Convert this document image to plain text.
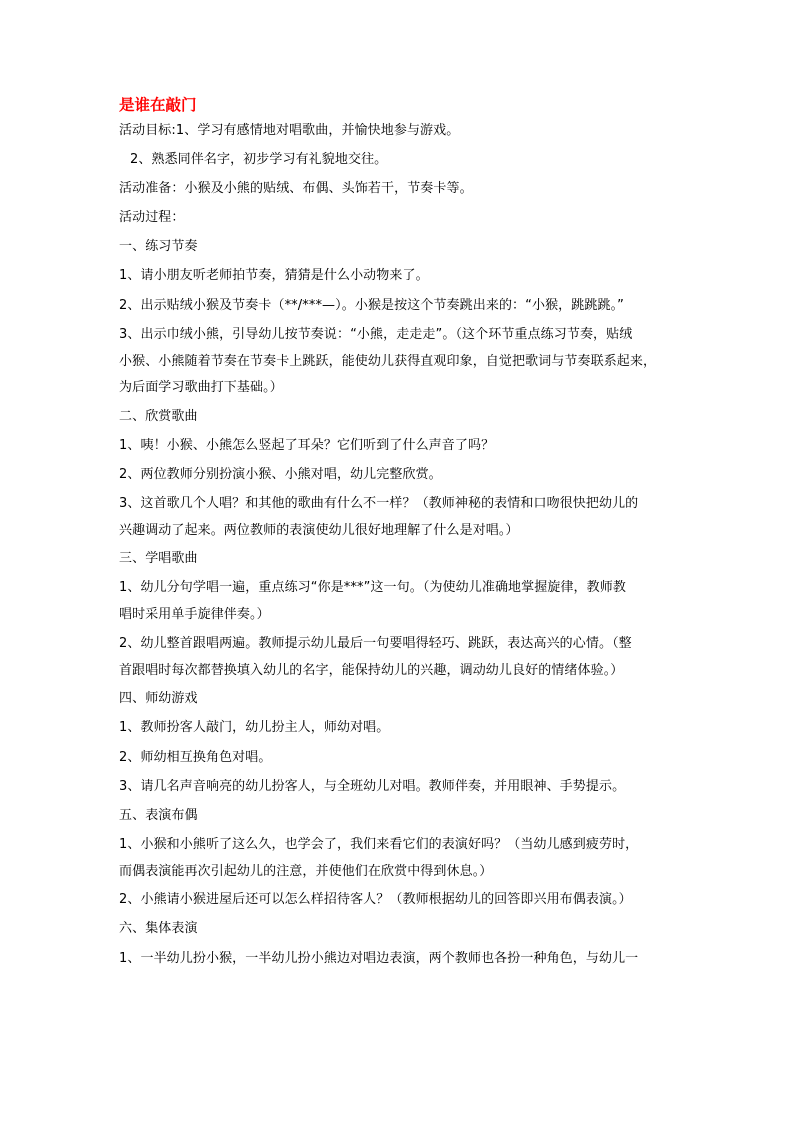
是谁在敲门

活动目标:1、学习有感情地对唱歌曲，并愉快地参与游戏。

2、熟悉同伴名字，初步学习有礼貌地交往。

活动准备：小猴及小熊的贴绒、布偶、头饰若干，节奏卡等。

活动过程：

一、练习节奏

1、请小朋友听老师拍节奏，猜猜是什么小动物来了。

2、出示贴绒小猴及节奏卡（**/***—）。小猴是按这个节奏跳出来的：“小猴，跳跳跳。”

3、出示巾绒小熊，引导幼儿按节奏说：“小熊，走走走”。（这个环节重点练习节奏，贴绒

小猴、小熊随着节奏在节奏卡上跳跃，能使幼儿获得直观印象，自觉把歌词与节奏联系起来，

为后面学习歌曲打下基础。）

二、欣赏歌曲

1、咦！小猴、小熊怎么竖起了耳朵？它们听到了什么声音了吗？

2、两位教师分别扮演小猴、小熊对唱，幼儿完整欣赏。

3、这首歌几个人唱？和其他的歌曲有什么不一样？（教师神秘的表情和口吻很快把幼儿的

兴趣调动了起来。两位教师的表演使幼儿很好地理解了什么是对唱。）

三、学唱歌曲

1、幼儿分句学唱一遍，重点练习“你是***”这一句。（为使幼儿准确地掌握旋律，教师教

唱时采用单手旋律伴奏。）

2、幼儿整首跟唱两遍。教师提示幼儿最后一句要唱得轻巧、跳跃，表达高兴的心情。（整

首跟唱时每次都替换填入幼儿的名字，能保持幼儿的兴趣，调动幼儿良好的情绪体验。）

四、师幼游戏

1、教师扮客人敲门，幼儿扮主人，师幼对唱。

2、师幼相互换角色对唱。

3、请几名声音响亮的幼儿扮客人，与全班幼儿对唱。教师伴奏，并用眼神、手势提示。

五、表演布偶

1、小猴和小熊听了这么久，也学会了，我们来看它们的表演好吗？（当幼儿感到疲劳时，

而偶表演能再次引起幼儿的注意，并使他们在欣赏中得到休息。）

2、小熊请小猴进屋后还可以怎么样招待客人？（教师根据幼儿的回答即兴用布偶表演。）

六、集体表演

1、一半幼儿扮小猴，一半幼儿扮小熊边对唱边表演，两个教师也各扮一种角色，与幼儿一
